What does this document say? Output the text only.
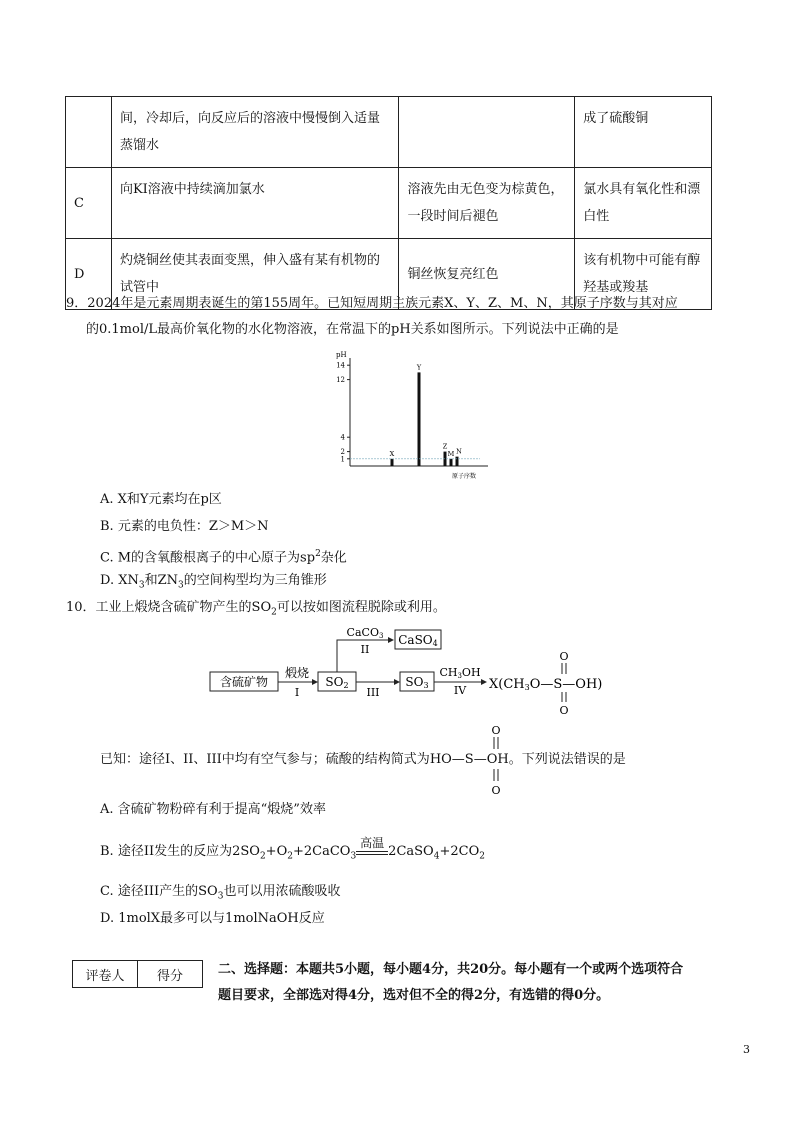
	间，冷却后，向反应后的溶液中慢慢倒入适量蒸馏水		成了硫酸铜
C	向KI溶液中持续滴加氯水	溶液先由无色变为棕黄色，一段时间后褪色	氯水具有氧化性和漂白性
D	灼烧铜丝使其表面变黑，伸入盛有某有机物的试管中	铜丝恢复亮红色	该有机物中可能有醇羟基或羧基
9．2024年是元素周期表诞生的第155周年。已知短周期主族元素X、Y、Z、M、N，其原子序数与其对应
的0.1mol/L最高价氧化物的水化物溶液，在常温下的pH关系如图所示。下列说法中正确的是
pH
1
2
4
12
14
X
Y
Z
M N
原子序数
A. X和Y元素均在p区
B. 元素的电负性：Z＞M＞N
C. M的含氧酸根离子的中心原子为$sp^2$杂化
D. $XN_3$和$ZN_3$的空间构型均为三角锥形
10．工业上煅烧含硫矿物产生的$SO_2$可以按如图流程脱除或利用。
含硫矿物
煅烧
I
SO2
CaCO3
II
CaSO4
III
SO3
CH3OH
IV X(CH3O—S—OH)
O
O
已知：途径I、II、III中均有空气参与；硫酸的结构简式为HO—S—OH。下列说法错误的是
O
O
A. 含硫矿物粉碎有利于提高“煅烧”效率
B. 途径II发生的反应为$2SO_2+O_2+2CaCO_3$
高温
$2CaSO_4+2CO_2$
C. 途径III产生的$SO_3$也可以用浓硫酸吸收
D. 1molX最多可以与1molNaOH反应
评卷人	得分	二、选择题：本题共5小题，每小题4分，共20分。每小题有一个或两个选项符合
题目要求，全部选对得4分，选对但不全的得2分，有选错的得0分。
3
